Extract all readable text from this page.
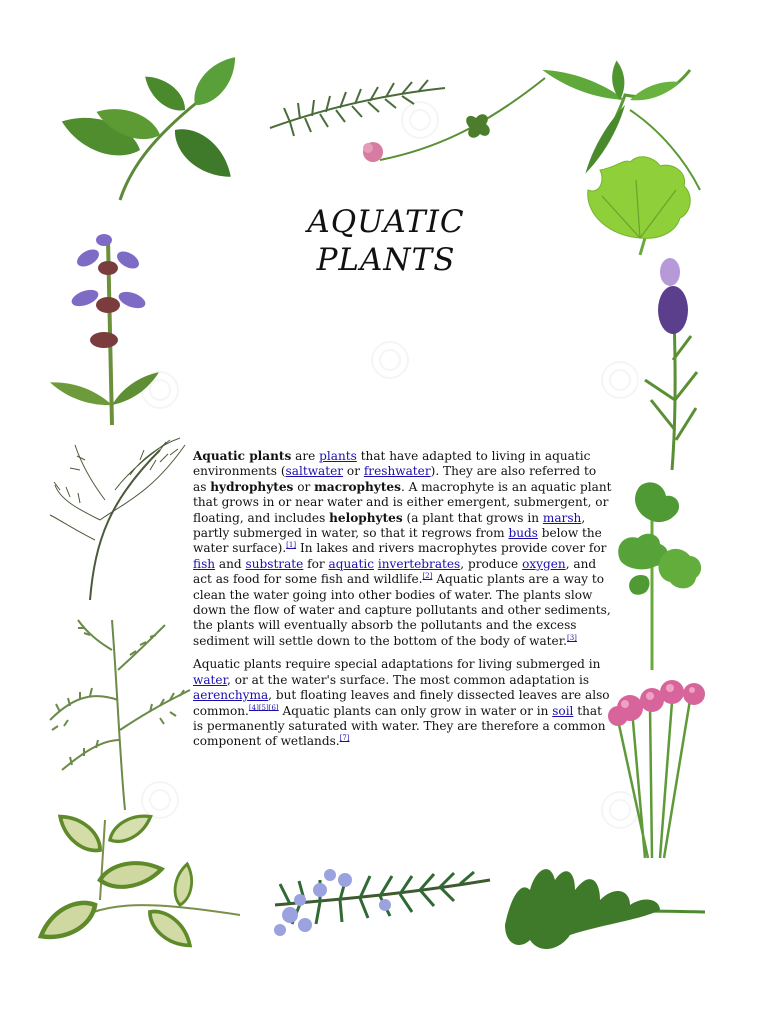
AQUATIC
PLANTS

Aquatic plants are plants that have adapted to living in aquatic environments (saltwater or freshwater). They are also referred to as hydrophytes or macrophytes. A macrophyte is an aquatic plant that grows in or near water and is either emergent, submergent, or floating, and includes helophytes (a plant that grows in marsh, partly submerged in water, so that it regrows from buds below the water surface).[1] In lakes and rivers macrophytes provide cover for fish and substrate for aquatic invertebrates, produce oxygen, and act as food for some fish and wildlife.[2] Aquatic plants are a way to clean the water going into other bodies of water. The plants slow down the flow of water and capture pollutants and other sediments, the plants will eventually absorb the pollutants and the excess sediment will settle down to the bottom of the body of water.[3]

Aquatic plants require special adaptations for living submerged in water, or at the water's surface. The most common adaptation is aerenchyma, but floating leaves and finely dissected leaves are also common.[4][5][6] Aquatic plants can only grow in water or in soil that is permanently saturated with water. They are therefore a common component of wetlands.[7]
